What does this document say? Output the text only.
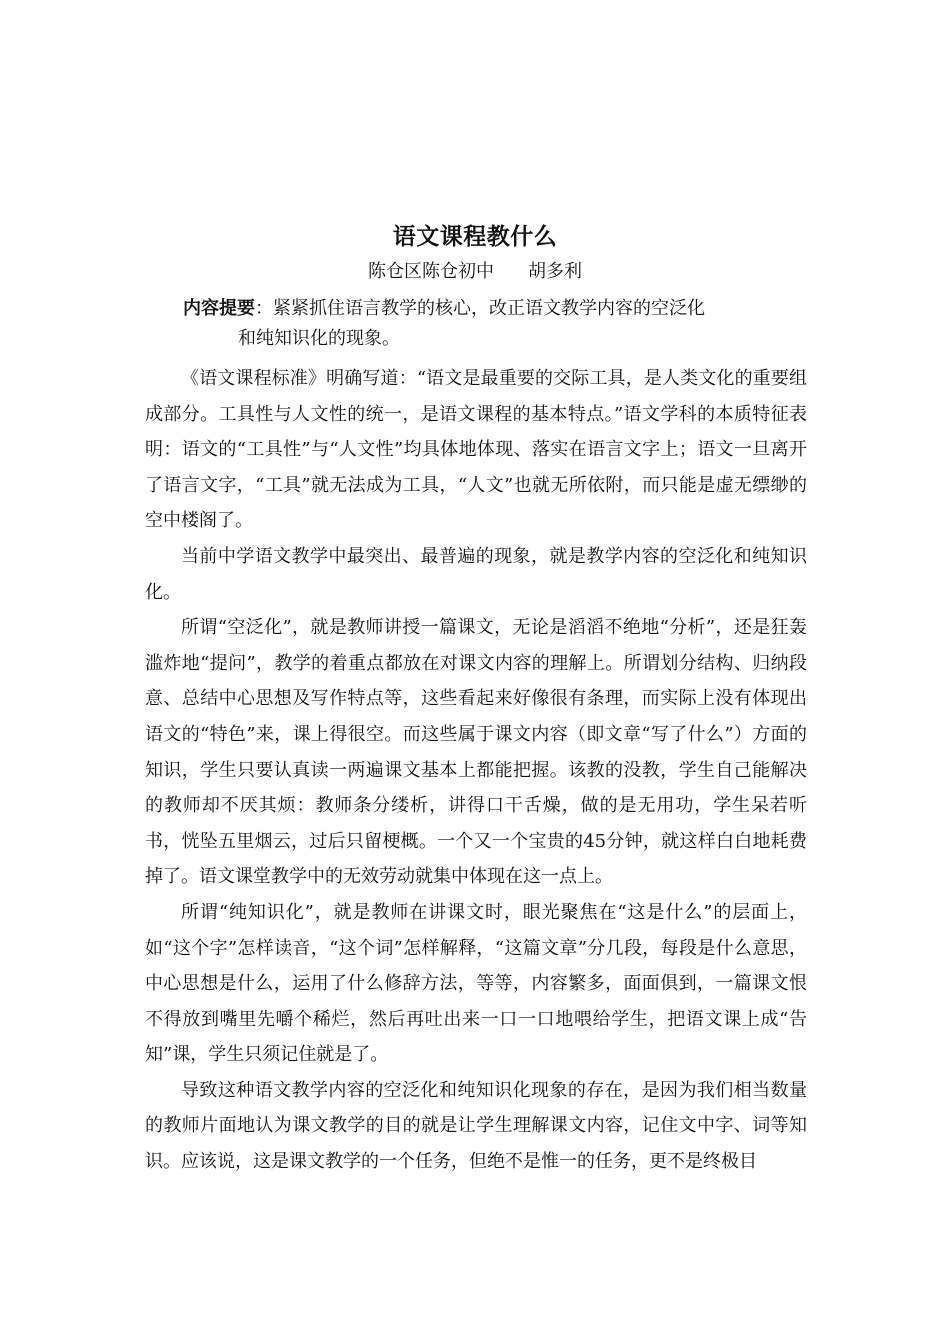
语文课程教什么
陈仓区陈仓初中 胡多利
内容提要：紧紧抓住语言教学的核心，改正语文教学内容的空泛化
和纯知识化的现象。

《语文课程标准》明确写道：“语文是最重要的交际工具，是人类文化的重要组成部分。工具性与人文性的统一，是语文课程的基本特点。”语文学科的本质特征表明：语文的“工具性”与“人文性”均具体地体现、落实在语言文字上；语文一旦离开了语言文字，“工具”就无法成为工具，“人文”也就无所依附，而只能是虚无缥缈的空中楼阁了。

当前中学语文教学中最突出、最普遍的现象，就是教学内容的空泛化和纯知识化。

所谓“空泛化”，就是教师讲授一篇课文，无论是滔滔不绝地“分析”，还是狂轰滥炸地“提问”，教学的着重点都放在对课文内容的理解上。所谓划分结构、归纳段意、总结中心思想及写作特点等，这些看起来好像很有条理，而实际上没有体现出语文的“特色”来，课上得很空。而这些属于课文内容（即文章“写了什么”）方面的知识，学生只要认真读一两遍课文基本上都能把握。该教的没教，学生自己能解决的教师却不厌其烦：教师条分缕析，讲得口干舌燥，做的是无用功，学生呆若听书，恍坠五里烟云，过后只留梗概。一个又一个宝贵的45分钟，就这样白白地耗费掉了。语文课堂教学中的无效劳动就集中体现在这一点上。

所谓“纯知识化”，就是教师在讲课文时，眼光聚焦在“这是什么”的层面上，如“这个字”怎样读音，“这个词”怎样解释，“这篇文章”分几段，每段是什么意思，中心思想是什么，运用了什么修辞方法，等等，内容繁多，面面俱到，一篇课文恨不得放到嘴里先嚼个稀烂，然后再吐出来一口一口地喂给学生，把语文课上成“告知”课，学生只须记住就是了。

导致这种语文教学内容的空泛化和纯知识化现象的存在，是因为我们相当数量的教师片面地认为课文教学的目的就是让学生理解课文内容，记住文中字、词等知识。应该说，这是课文教学的一个任务，但绝不是惟一的任务，更不是终极目
